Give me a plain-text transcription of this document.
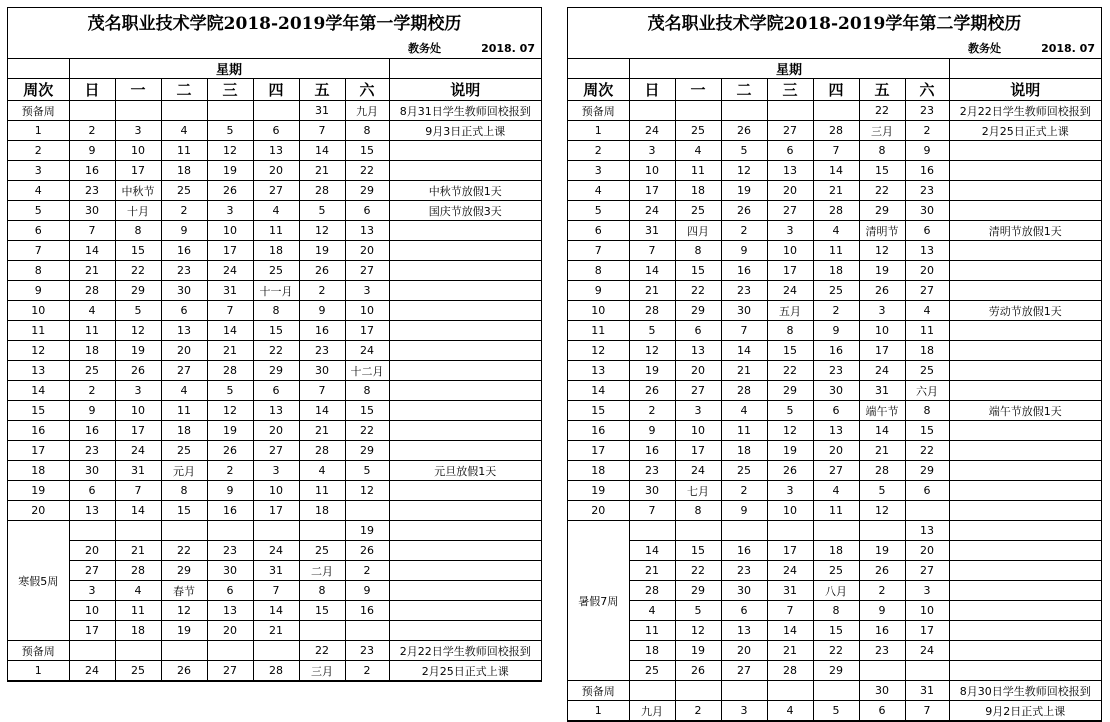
茂名职业技术学院2018-2019学年第一学期校历
教务处	2018. 07
	星期							
周次	日	一	二	三	四	五	六	说明
预备周						31	九月	8月31日学生教师回校报到
1	2	3	4	5	6	7	8	9月3日正式上课
2	9	10	11	12	13	14	15	
3	16	17	18	19	20	21	22	
4	23	中秋节	25	26	27	28	29	中秋节放假1天
5	30	十月	2	3	4	5	6	国庆节放假3天
6	7	8	9	10	11	12	13	
7	14	15	16	17	18	19	20	
8	21	22	23	24	25	26	27	
9	28	29	30	31	十一月	2	3	
10	4	5	6	7	8	9	10	
11	11	12	13	14	15	16	17	
12	18	19	20	21	22	23	24	
13	25	26	27	28	29	30	十二月	
14	2	3	4	5	6	7	8	
15	9	10	11	12	13	14	15	
16	16	17	18	19	20	21	22	
17	23	24	25	26	27	28	29	
18	30	31	元月	2	3	4	5	元旦放假1天
19	6	7	8	9	10	11	12	
20	13	14	15	16	17	18		
寒假5周							19	
	20	21	22	23	24	25	26	
	27	28	29	30	31	二月	2	
	3	4	春节	6	7	8	9	
	10	11	12	13	14	15	16	
	17	18	19	20	21			
预备周						22	23	2月22日学生教师回校报到
1	24	25	26	27	28	三月	2	2月25日正式上课
茂名职业技术学院2018-2019学年第二学期校历
教务处	2018. 07
	星期							
周次	日	一	二	三	四	五	六	说明
预备周						22	23	2月22日学生教师回校报到
1	24	25	26	27	28	三月	2	2月25日正式上课
2	3	4	5	6	7	8	9	
3	10	11	12	13	14	15	16	
4	17	18	19	20	21	22	23	
5	24	25	26	27	28	29	30	
6	31	四月	2	3	4	清明节	6	清明节放假1天
7	7	8	9	10	11	12	13	
8	14	15	16	17	18	19	20	
9	21	22	23	24	25	26	27	
10	28	29	30	五月	2	3	4	劳动节放假1天
11	5	6	7	8	9	10	11	
12	12	13	14	15	16	17	18	
13	19	20	21	22	23	24	25	
14	26	27	28	29	30	31	六月	
15	2	3	4	5	6	端午节	8	端午节放假1天
16	9	10	11	12	13	14	15	
17	16	17	18	19	20	21	22	
18	23	24	25	26	27	28	29	
19	30	七月	2	3	4	5	6	
20	7	8	9	10	11	12		
暑假7周							13	
	14	15	16	17	18	19	20	
	21	22	23	24	25	26	27	
	28	29	30	31	八月	2	3	
	4	5	6	7	8	9	10	
	11	12	13	14	15	16	17	
	18	19	20	21	22	23	24	
	25	26	27	28	29			
预备周						30	31	8月30日学生教师回校报到
1	九月	2	3	4	5	6	7	9月2日正式上课
